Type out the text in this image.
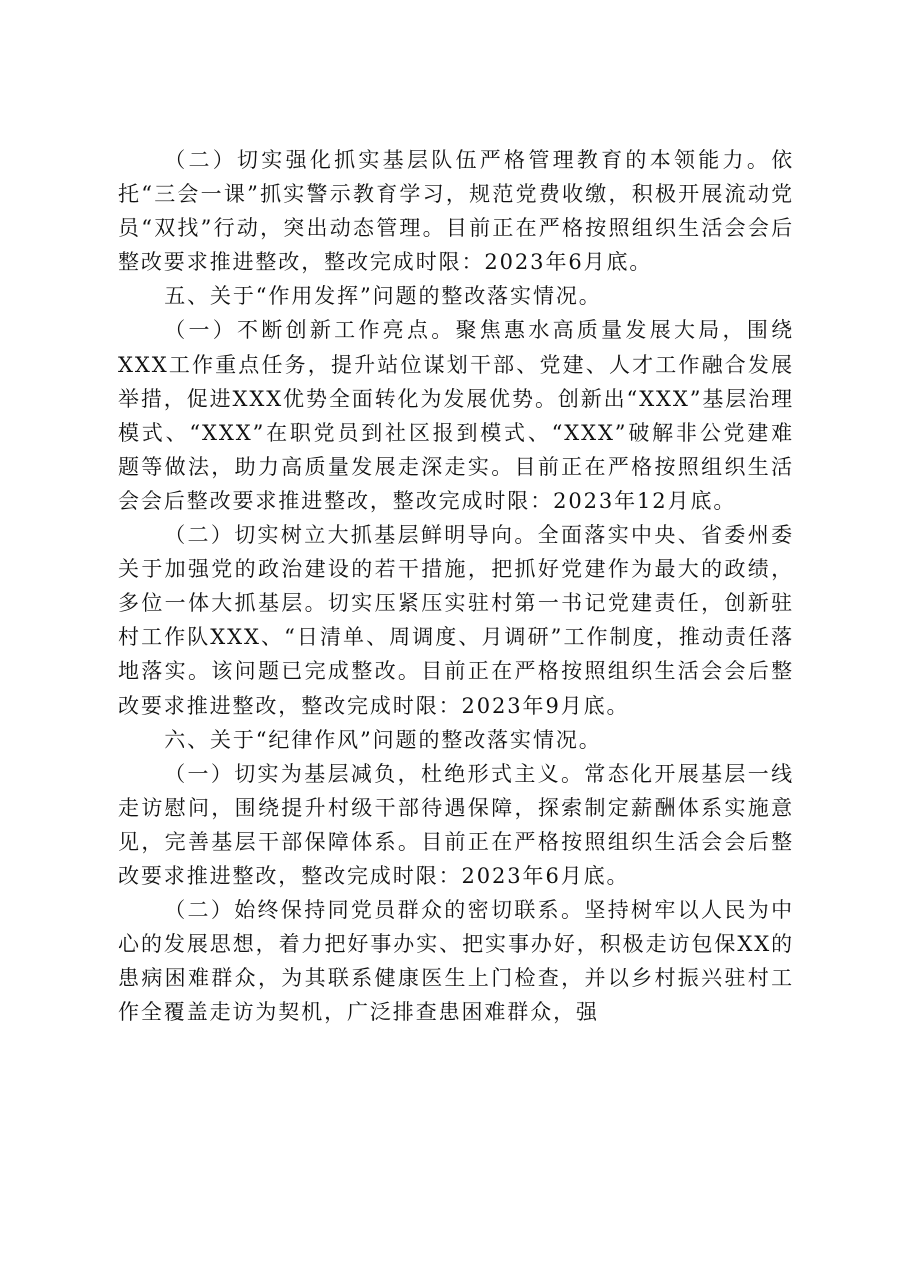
（二）切实强化抓实基层队伍严格管理教育的本领能力。依托“三会一课”抓实警示教育学习，规范党费收缴，积极开展流动党员“双找”行动，突出动态管理。目前正在严格按照组织生活会会后整改要求推进整改，整改完成时限：2023年6月底。

五、关于“作用发挥”问题的整改落实情况。

（一）不断创新工作亮点。聚焦惠水高质量发展大局，围绕XXX工作重点任务，提升站位谋划干部、党建、人才工作融合发展举措，促进XXX优势全面转化为发展优势。创新出“XXX”基层治理模式、“XXX”在职党员到社区报到模式、“XXX”破解非公党建难题等做法，助力高质量发展走深走实。目前正在严格按照组织生活会会后整改要求推进整改，整改完成时限：2023年12月底。

（二）切实树立大抓基层鲜明导向。全面落实中央、省委州委关于加强党的政治建设的若干措施，把抓好党建作为最大的政绩，多位一体大抓基层。切实压紧压实驻村第一书记党建责任，创新驻村工作队XXX、“日清单、周调度、月调研”工作制度，推动责任落地落实。该问题已完成整改。目前正在严格按照组织生活会会后整改要求推进整改，整改完成时限：2023年9月底。

六、关于“纪律作风”问题的整改落实情况。

（一）切实为基层减负，杜绝形式主义。常态化开展基层一线走访慰问，围绕提升村级干部待遇保障，探索制定薪酬体系实施意见，完善基层干部保障体系。目前正在严格按照组织生活会会后整改要求推进整改，整改完成时限：2023年6月底。

（二）始终保持同党员群众的密切联系。坚持树牢以人民为中心的发展思想，着力把好事办实、把实事办好，积极走访包保XX的患病困难群众，为其联系健康医生上门检查，并以乡村振兴驻村工作全覆盖走访为契机，广泛排查患困难群众，强
